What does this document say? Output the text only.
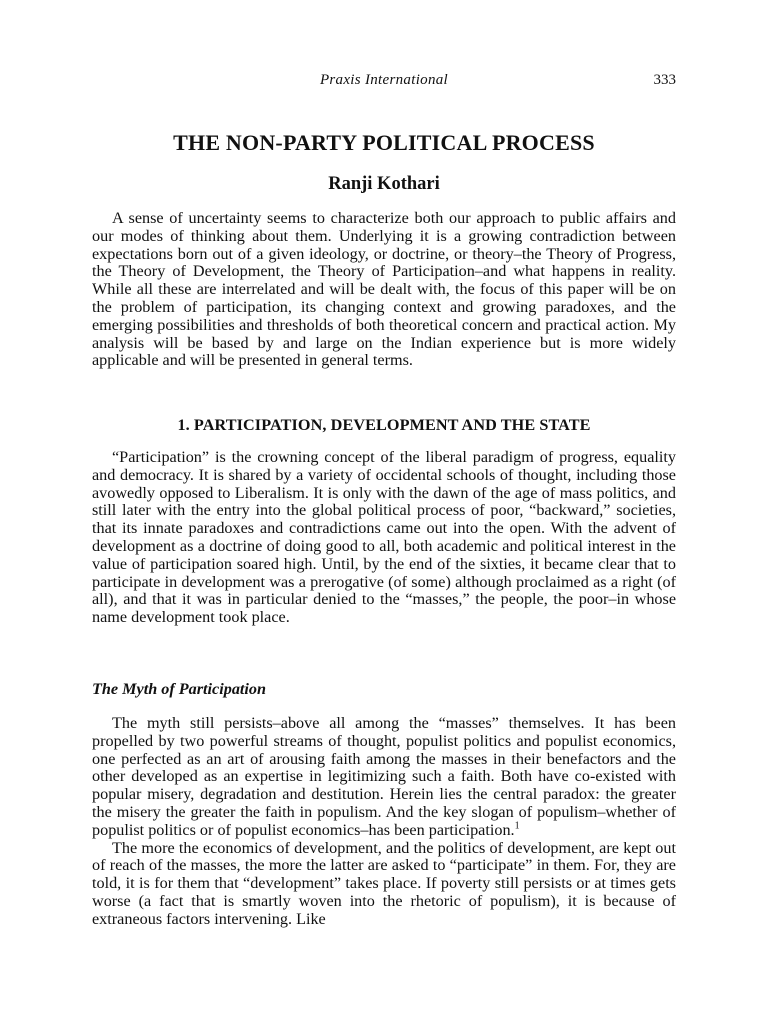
Praxis International	333
THE NON-PARTY POLITICAL PROCESS
Ranji Kothari

A sense of uncertainty seems to characterize both our approach to public affairs and our modes of thinking about them. Underlying it is a growing contradiction between expectations born out of a given ideology, or doctrine, or theory–the Theory of Progress, the Theory of Development, the Theory of Participation–and what happens in reality. While all these are interrelated and will be dealt with, the focus of this paper will be on the problem of participation, its changing context and growing paradoxes, and the emerging possibilities and thresholds of both theoretical concern and practical action. My analysis will be based by and large on the Indian experience but is more widely applicable and will be presented in general terms.

1. PARTICIPATION, DEVELOPMENT AND THE STATE

“Participation” is the crowning concept of the liberal paradigm of progress, equality and democracy. It is shared by a variety of occidental schools of thought, including those avowedly opposed to Liberalism. It is only with the dawn of the age of mass politics, and still later with the entry into the global political process of poor, “backward,” societies, that its innate paradoxes and contradictions came out into the open. With the advent of development as a doctrine of doing good to all, both academic and political interest in the value of participation soared high. Until, by the end of the sixties, it became clear that to participate in development was a prerogative (of some) although proclaimed as a right (of all), and that it was in particular denied to the “masses,” the people, the poor–in whose name development took place.

The Myth of Participation

The myth still persists–above all among the “masses” themselves. It has been propelled by two powerful streams of thought, populist politics and populist economics, one perfected as an art of arousing faith among the masses in their benefactors and the other developed as an expertise in legitimizing such a faith. Both have co-existed with popular misery, degradation and destitution. Herein lies the central paradox: the greater the misery the greater the faith in populism. And the key slogan of populism–whether of populist politics or of populist economics–has been participation.$^1$

The more the economics of development, and the politics of development, are kept out of reach of the masses, the more the latter are asked to “participate” in them. For, they are told, it is for them that “development” takes place. If poverty still persists or at times gets worse (a fact that is smartly woven into the rhetoric of populism), it is because of extraneous factors intervening. Like
